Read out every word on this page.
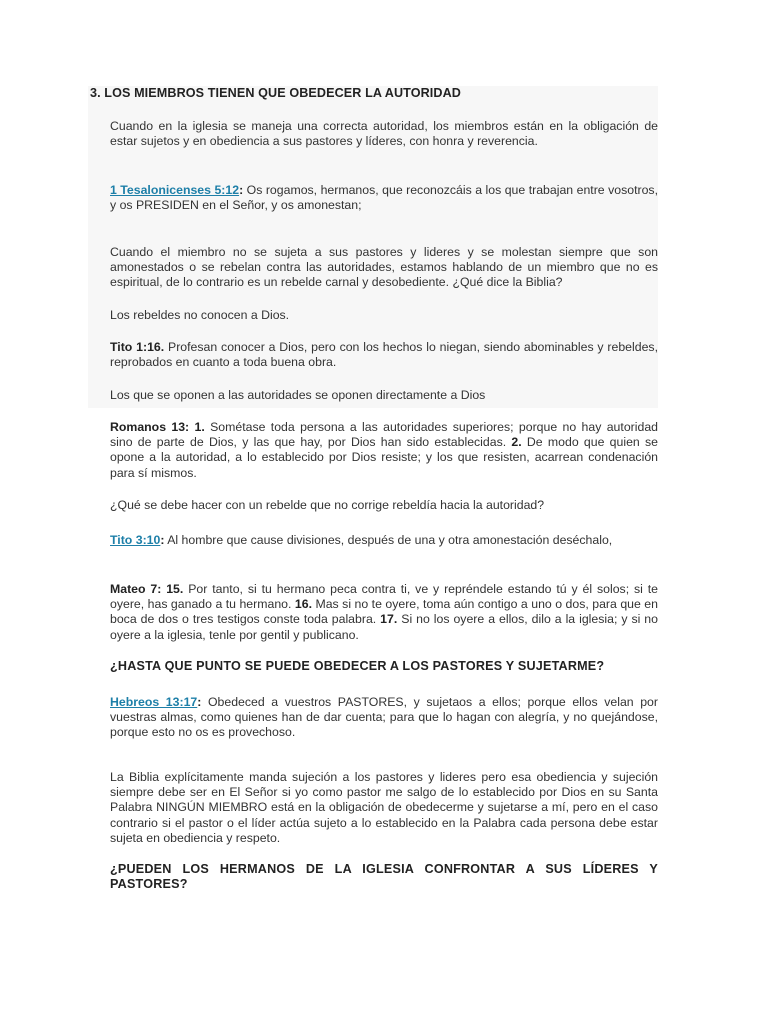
3. LOS MIEMBROS TIENEN QUE OBEDECER LA AUTORIDAD
Cuando en la iglesia se maneja una correcta autoridad, los miembros están en la obligación de estar sujetos y en obediencia a sus pastores y líderes, con honra y reverencia.
1 Tesalonicenses 5:12: Os rogamos, hermanos, que reconozcáis a los que trabajan entre vosotros, y os PRESIDEN en el Señor, y os amonestan;
Cuando el miembro no se sujeta a sus pastores y lideres y se molestan siempre que son amonestados o se rebelan contra las autoridades, estamos hablando de un miembro que no es espiritual, de lo contrario es un rebelde carnal y desobediente. ¿Qué dice la Biblia?
Los rebeldes no conocen a Dios.
Tito 1:16. Profesan conocer a Dios, pero con los hechos lo niegan, siendo abominables y rebeldes, reprobados en cuanto a toda buena obra.
Los que se oponen a las autoridades se oponen directamente a Dios
Romanos 13: 1. Sométase toda persona a las autoridades superiores; porque no hay autoridad sino de parte de Dios, y las que hay, por Dios han sido establecidas. 2. De modo que quien se opone a la autoridad, a lo establecido por Dios resiste; y los que resisten, acarrean condenación para sí mismos.
¿Qué se debe hacer con un rebelde que no corrige rebeldía hacia la autoridad?
Tito 3:10: Al hombre que cause divisiones, después de una y otra amonestación deséchalo,
Mateo 7: 15. Por tanto, si tu hermano peca contra ti, ve y repréndele estando tú y él solos; si te oyere, has ganado a tu hermano. 16. Mas si no te oyere, toma aún contigo a uno o dos, para que en boca de dos o tres testigos conste toda palabra. 17. Si no los oyere a ellos, dilo a la iglesia; y si no oyere a la iglesia, tenle por gentil y publicano.
¿HASTA QUE PUNTO SE PUEDE OBEDECER A LOS PASTORES Y SUJETARME?
Hebreos 13:17: Obedeced a vuestros PASTORES, y sujetaos a ellos; porque ellos velan por vuestras almas, como quienes han de dar cuenta; para que lo hagan con alegría, y no quejándose, porque esto no os es provechoso.
La Biblia explícitamente manda sujeción a los pastores y lideres pero esa obediencia y sujeción siempre debe ser en El Señor si yo como pastor me salgo de lo establecido por Dios en su Santa Palabra NINGÚN MIEMBRO está en la obligación de obedecerme y sujetarse a mí, pero en el caso contrario si el pastor o el líder actúa sujeto a lo establecido en la Palabra cada persona debe estar sujeta en obediencia y respeto.
¿PUEDEN LOS HERMANOS DE LA IGLESIA CONFRONTAR A SUS LÍDERES Y PASTORES?
